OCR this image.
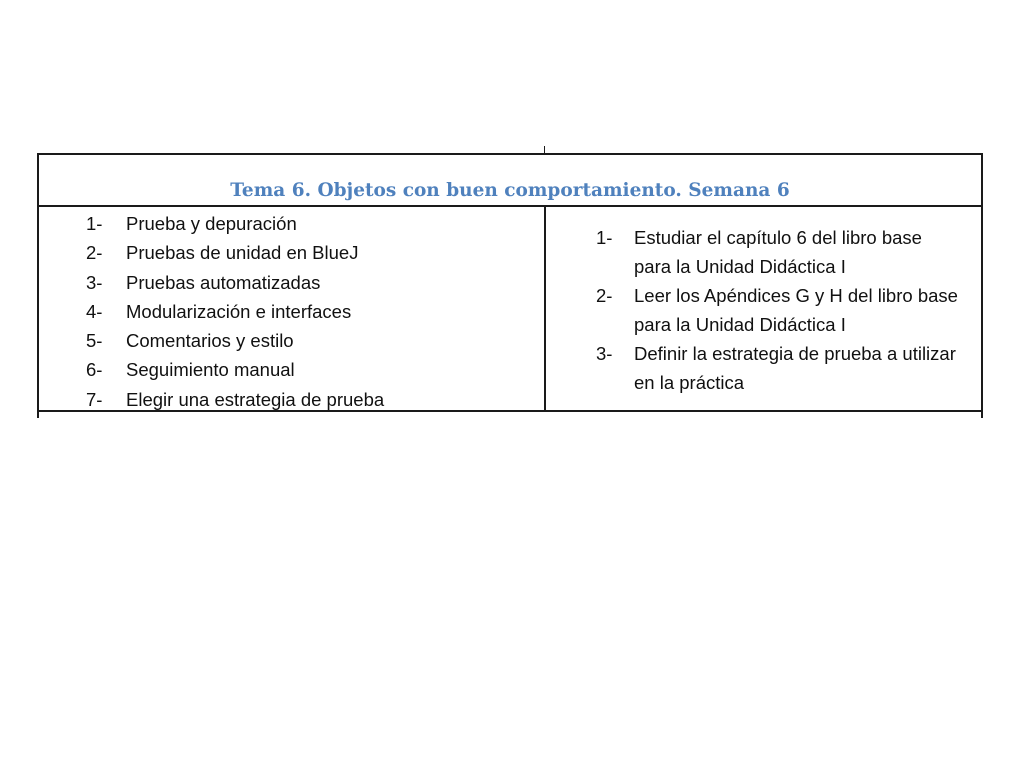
Tema 6. Objetos con buen comportamiento. Semana 6
1- Prueba y depuración
2- Pruebas de unidad en BlueJ
3- Pruebas automatizadas
4- Modularización e interfaces
5- Comentarios y estilo
6- Seguimiento manual
7- Elegir una estrategia de prueba
1- Estudiar el capítulo 6 del libro base para la Unidad Didáctica I
2- Leer los Apéndices G y H del libro base para la Unidad Didáctica I
3- Definir la estrategia de prueba a utilizar en la práctica
